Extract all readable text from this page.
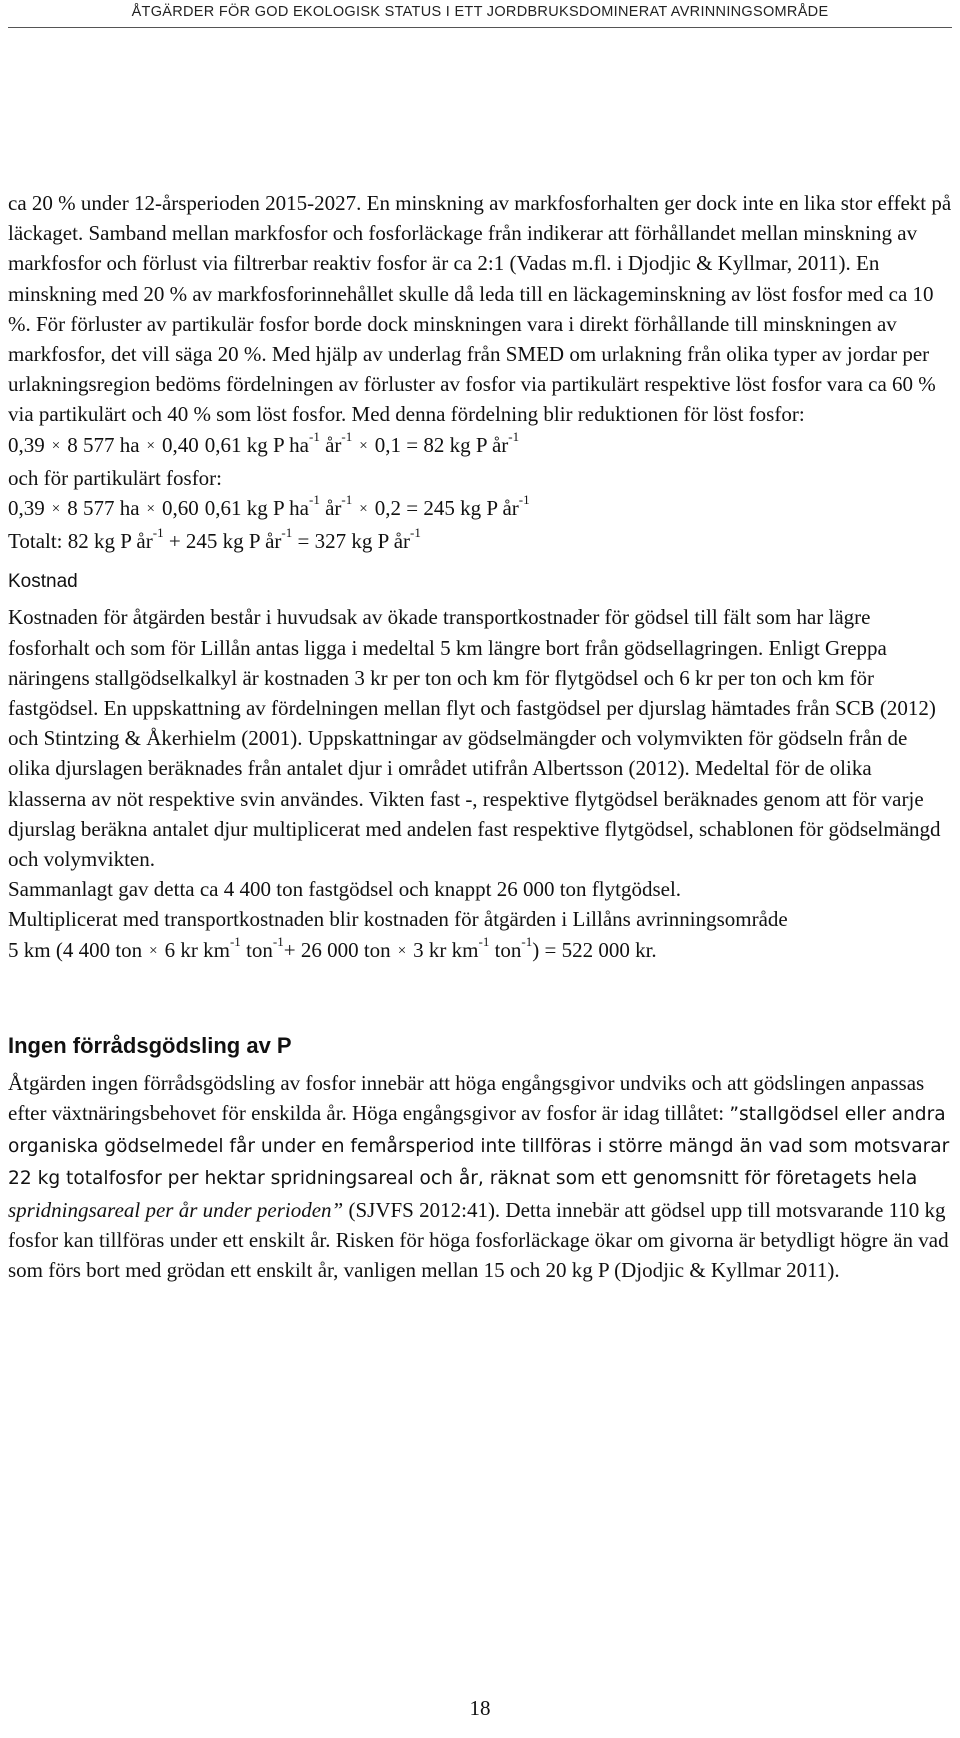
ÅTGÄRDER FÖR GOD EKOLOGISK STATUS I ETT JORDBRUKSDOMINERAT AVRINNINGSOMRÅDE

ca 20 % under 12-årsperioden 2015-2027. En minskning av markfosforhalten ger dock inte en lika stor effekt på läckaget. Samband mellan markfosfor och fosforläckage från indikerar att förhållandet mellan minskning av markfosfor och förlust via filtrerbar reaktiv fosfor är ca 2:1 (Vadas m.fl. i Djodjic & Kyllmar, 2011). En minskning med 20 % av markfosforinnehållet skulle då leda till en läckageminskning av löst fosfor med ca 10 %. För förluster av partikulär fosfor borde dock minskningen vara i direkt förhållande till minskningen av markfosfor, det vill säga 20 %. Med hjälp av underlag från SMED om urlakning från olika typer av jordar per urlakningsregion bedöms fördelningen av förluster av fosfor via partikulärt respektive löst fosfor vara ca 60 % via partikulärt och 40 % som löst fosfor. Med denna fördelning blir reduktionen för löst fosfor:

0,39 × 8 577 ha × 0,40 0,61 kg P $ha^{-1}$ $år^{-1}\times 0,1 = 82$ kg P $år^{-1}$

och för partikulärt fosfor:

0,39 × 8 577 ha × 0,60 0,61 kg P $ha^{-1}$ $år^{-1}\times 0,2 = 245$ kg P $år^{-1}$

Totalt: 82 kg P $år^{-1} + 245$ kg P $år^{-1} = 327$ kg P $år^{-1}$

Kostnad

Kostnaden för åtgärden består i huvudsak av ökade transportkostnader för gödsel till fält som har lägre fosforhalt och som för Lillån antas ligga i medeltal 5 km längre bort från gödsellagringen. Enligt Greppa näringens stallgödselkalkyl är kostnaden 3 kr per ton och km för flytgödsel och 6 kr per ton och km för fastgödsel. En uppskattning av fördelningen mellan flyt och fastgödsel per djurslag hämtades från SCB (2012) och Stintzing & Åkerhielm (2001). Uppskattningar av gödselmängder och volymvikten för gödseln från de olika djurslagen beräknades från antalet djur i området utifrån Albertsson (2012). Medeltal för de olika klasserna av nöt respektive svin användes. Vikten fast -, respektive flytgödsel beräknades genom att för varje djurslag beräkna antalet djur multiplicerat med andelen fast respektive flytgödsel, schablonen för gödselmängd och volymvikten.

Sammanlagt gav detta ca 4 400 ton fastgödsel och knappt 26 000 ton flytgödsel.

Multiplicerat med transportkostnaden blir kostnaden för åtgärden i Lillåns avrinningsområde

5 km (4 400 ton × 6 kr $km^{-1}$ ton$^{-1}$+ 26 000 ton × 3 kr $km^{-1}$ ton$^{-1}$) = 522 000 kr.

Ingen förrådsgödsling av P

Åtgärden ingen förrådsgödsling av fosfor innebär att höga engångsgivor undviks och att gödslingen anpassas efter växtnäringsbehovet för enskilda år. Höga engångsgivor av fosfor är idag tillåtet: ”stallgödsel eller andra organiska gödselmedel får under en femårsperiod inte tillföras i större mängd än vad som motsvarar 22 kg totalfosfor per hektar spridningsareal och år, räknat som ett genomsnitt för företagets hela spridningsareal per år under perioden” (SJVFS 2012:41). Detta innebär att gödsel upp till motsvarande 110 kg fosfor kan tillföras under ett enskilt år. Risken för höga fosforläckage ökar om givorna är betydligt högre än vad som förs bort med grödan ett enskilt år, vanligen mellan 15 och 20 kg P (Djodjic & Kyllmar 2011).

18
